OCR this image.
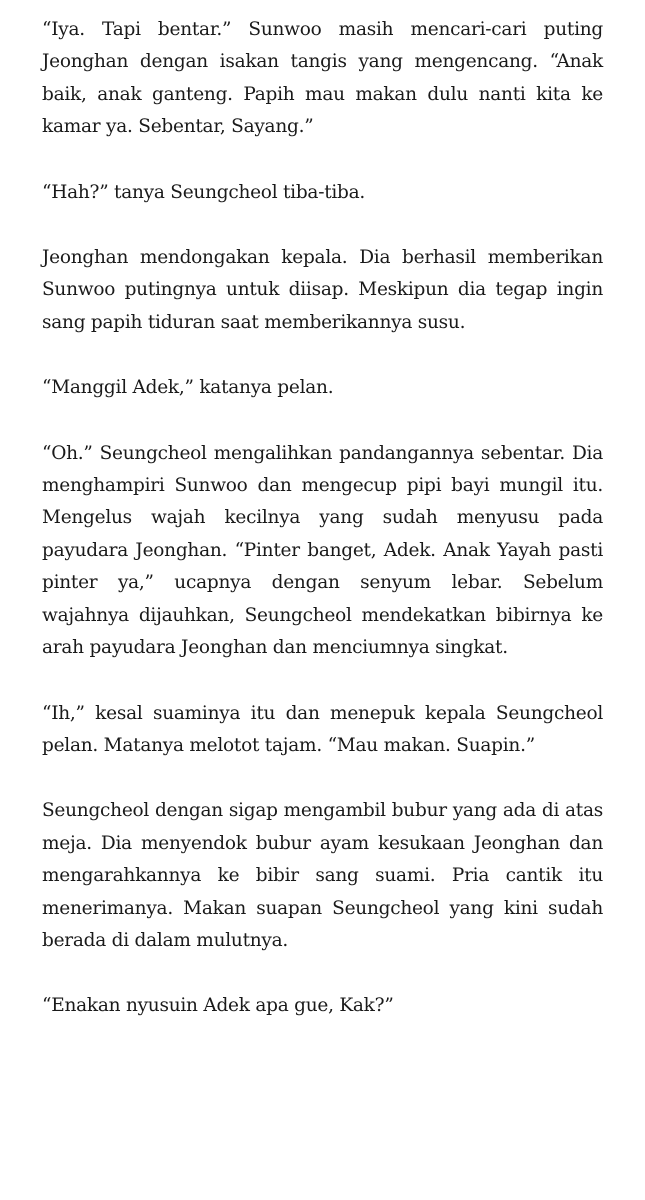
“Iya. Tapi bentar.” Sunwoo masih mencari-cari puting Jeonghan dengan isakan tangis yang mengencang. “Anak baik, anak ganteng. Papih mau makan dulu nanti kita ke kamar ya. Sebentar, Sayang.”

“Hah?” tanya Seungcheol tiba-tiba.

Jeonghan mendongakan kepala. Dia berhasil memberikan Sunwoo putingnya untuk diisap. Meskipun dia tegap ingin sang papih tiduran saat memberikannya susu.

“Manggil Adek,” katanya pelan.

“Oh.” Seungcheol mengalihkan pandangannya sebentar. Dia menghampiri Sunwoo dan mengecup pipi bayi mungil itu. Mengelus wajah kecilnya yang sudah menyusu pada payudara Jeonghan. “Pinter banget, Adek. Anak Yayah pasti pinter ya,” ucapnya dengan senyum lebar. Sebelum wajahnya dijauhkan, Seungcheol mendekatkan bibirnya ke arah payudara Jeonghan dan menciumnya singkat.

“Ih,” kesal suaminya itu dan menepuk kepala Seungcheol pelan. Matanya melotot tajam. “Mau makan. Suapin.”

Seungcheol dengan sigap mengambil bubur yang ada di atas meja. Dia menyendok bubur ayam kesukaan Jeonghan dan mengarahkannya ke bibir sang suami. Pria cantik itu menerimanya. Makan suapan Seungcheol yang kini sudah berada di dalam mulutnya.

“Enakan nyusuin Adek apa gue, Kak?”
